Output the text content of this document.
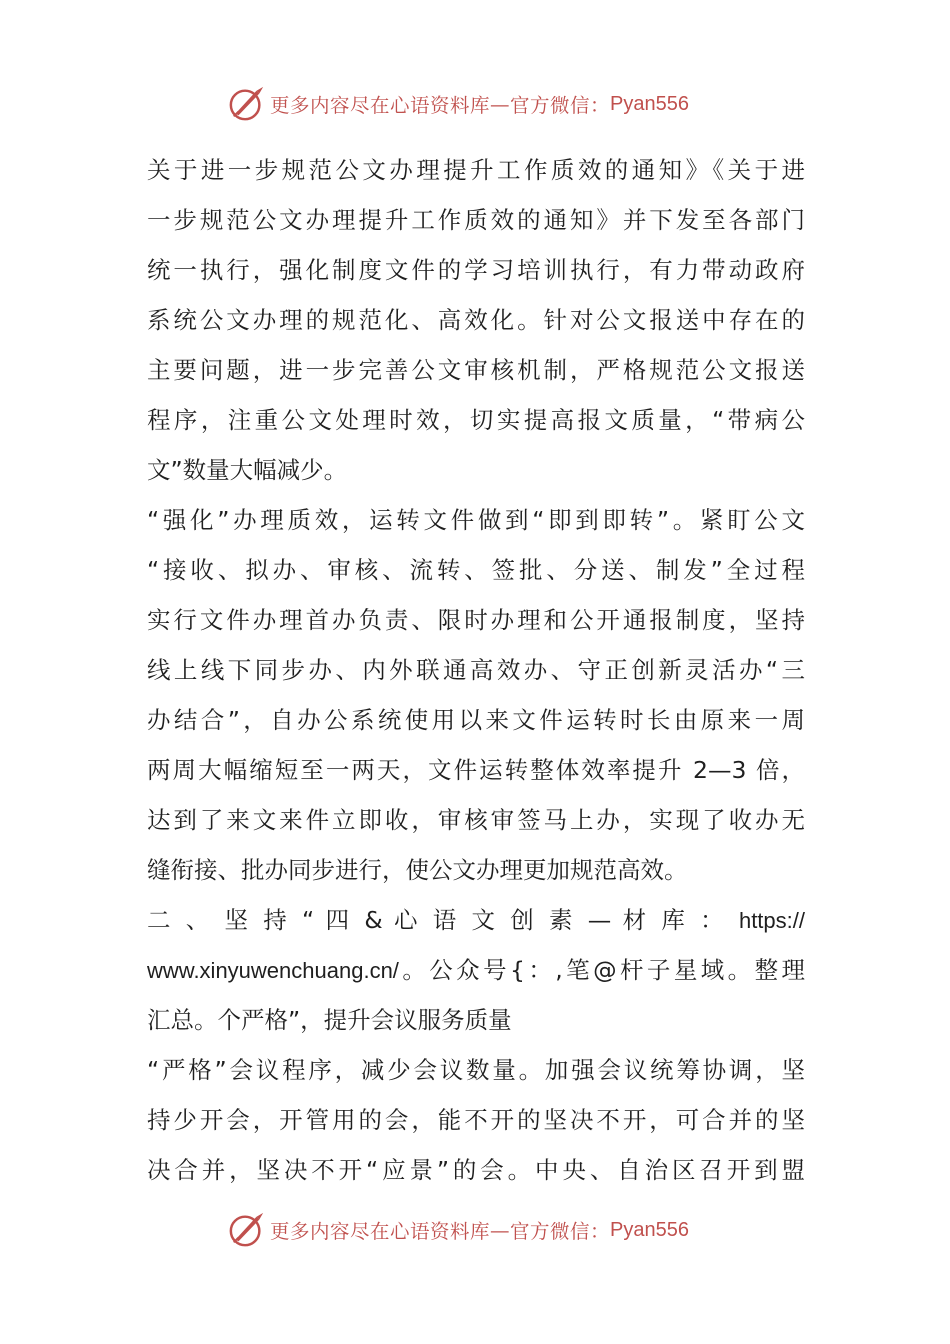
更多内容尽在心语资料库 — 官方微信： Pyan556
关于进一步规范公文办理提升工作质效的通知》《关于进
一步规范公文办理提升工作质效的通知》并下发至各部门
统一执行，强化制度文件的学习培训执行，有力带动政府
系统公文办理的规范化、高效化。针对公文报送中存在的
主要问题，进一步完善公文审核机制，严格规范公文报送
程序，注重公文处理时效，切实提高报文质量，“带病公
文”数量大幅减少。
“强化”办理质效，运转文件做到“即到即转”。紧盯公文
“接收、拟办、审核、流转、签批、分送、制发”全过程
实行文件办理首办负责、限时办理和公开通报制度，坚持
线上线下同步办、内外联通高效办、守正创新灵活办“三
办结合”，自办公系统使用以来文件运转时长由原来一周
两周大幅缩短至一两天，文件运转整体效率提升 2—3 倍，
达到了来文来件立即收，审核审签马上办，实现了收办无
缝衔接、批办同步进行，使公文办理更加规范高效。
二 、 坚 持 “ 四 & 心 语 文 创 素 — 材 库 ： https://
www.xinyuwenchuang.cn/。公众号{：,笔@杆子星域。整理
汇总。个严格”，提升会议服务质量
“严格”会议程序，减少会议数量。加强会议统筹协调，坚
持少开会，开管用的会，能不开的坚决不开，可合并的坚
决合并，坚决不开“应景”的会。中央、自治区召开到盟
更多内容尽在心语资料库 — 官方微信： Pyan556
